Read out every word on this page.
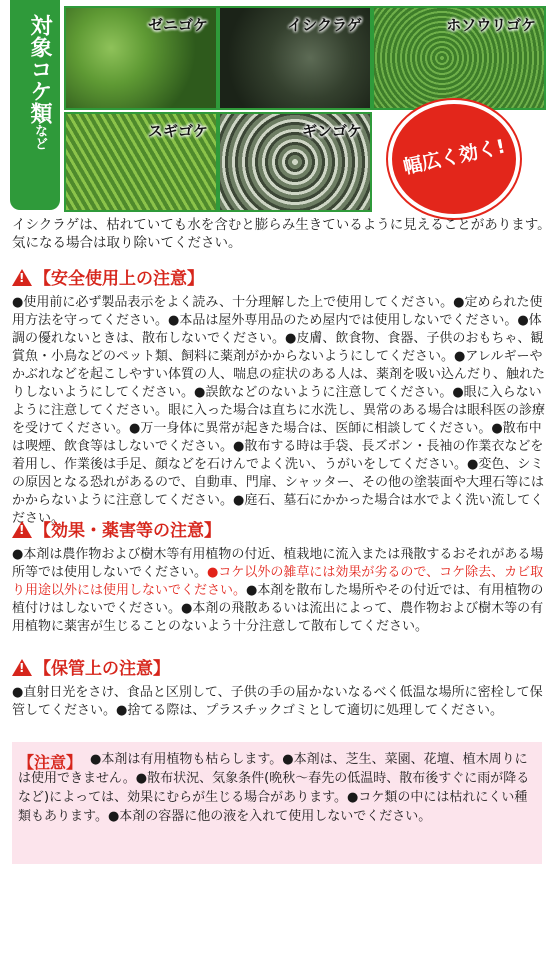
対象コケ類など
ゼニゴケ	イシクラゲ	ホソウリゴケ
スギゴケ	ギンゴケ
幅広く効く!
イシクラゲは、枯れていても水を含むと膨らみ生きているように見えることがあります。気になる場合は取り除いてください。
!【安全使用上の注意】

●使用前に必ず製品表示をよく読み、十分理解した上で使用してください。●定められた使用方法を守ってください。●本品は屋外専用品のため屋内では使用しないでください。●体調の優れないときは、散布しないでください。●皮膚、飲食物、食器、子供のおもちゃ、観賞魚・小鳥などのペット類、飼料に薬剤がかからないようにしてください。●アレルギーやかぶれなどを起こしやすい体質の人、喘息の症状のある人は、薬剤を吸い込んだり、触れたりしないようにしてください。●誤飲などのないように注意してください。●眼に入らないように注意してください。眼に入った場合は直ちに水洗し、異常のある場合は眼科医の診療を受けてください。●万一身体に異常が起きた場合は、医師に相談してください。●散布中は喫煙、飲食等はしないでください。●散布する時は手袋、長ズボン・長袖の作業衣などを着用し、作業後は手足、顔などを石けんでよく洗い、うがいをしてください。●変色、シミの原因となる恐れがあるので、自動車、門扉、シャッター、その他の塗装面や大理石等にはかからないように注意してください。●庭石、墓石にかかった場合は水でよく洗い流してください。

!【効果・薬害等の注意】

●本剤は農作物および樹木等有用植物の付近、植栽地に流入または飛散するおそれがある場所等では使用しないでください。●コケ以外の雑草には効果が劣るので、コケ除去、カビ取り用途以外には使用しないでください。●本剤を散布した場所やその付近では、有用植物の植付けはしないでください。●本剤の飛散あるいは流出によって、農作物および樹木等の有用植物に薬害が生じることのないよう十分注意して散布してください。

!【保管上の注意】

●直射日光をさけ、食品と区別して、子供の手の届かないなるべく低温な場所に密栓して保管してください。●捨てる際は、プラスチックゴミとして適切に処理してください。

【注意】 ●本剤は有用植物も枯らします。●本剤は、芝生、菜園、花壇、植木周りには使用できません。●散布状況、気象条件(晩秋〜春先の低温時、散布後すぐに雨が降るなど)によっては、効果にむらが生じる場合があります。●コケ類の中には枯れにくい種類もあります。●本剤の容器に他の液を入れて使用しないでください。
